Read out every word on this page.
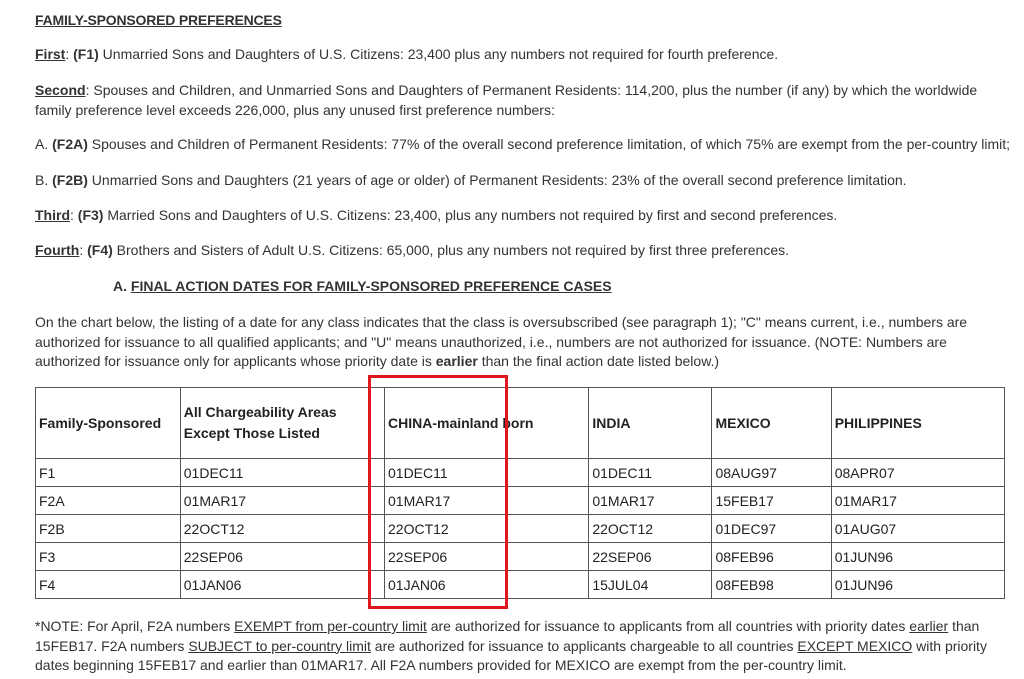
FAMILY-SPONSORED PREFERENCES
First: (F1) Unmarried Sons and Daughters of U.S. Citizens: 23,400 plus any numbers not required for fourth preference.

Second: Spouses and Children, and Unmarried Sons and Daughters of Permanent Residents: 114,200, plus the number (if any) by which the worldwide family preference level exceeds 226,000, plus any unused first preference numbers:

A. (F2A) Spouses and Children of Permanent Residents: 77% of the overall second preference limitation, of which 75% are exempt from the per-country limit;
B. (F2B) Unmarried Sons and Daughters (21 years of age or older) of Permanent Residents: 23% of the overall second preference limitation.
Third: (F3) Married Sons and Daughters of U.S. Citizens: 23,400, plus any numbers not required by first and second preferences.
Fourth: (F4) Brothers and Sisters of Adult U.S. Citizens: 65,000, plus any numbers not required by first three preferences.
A. FINAL ACTION DATES FOR FAMILY-SPONSORED PREFERENCE CASES

On the chart below, the listing of a date for any class indicates that the class is oversubscribed (see paragraph 1); "C" means current, i.e., numbers are authorized for issuance to all qualified applicants; and "U" means unauthorized, i.e., numbers are not authorized for issuance. (NOTE: Numbers are authorized for issuance only for applicants whose priority date is earlier than the final action date listed below.)

Family-Sponsored	All Chargeability Areas Except Those Listed	CHINA-mainland born	INDIA	MEXICO	PHILIPPINES
F1	01DEC11	01DEC11	01DEC11	08AUG97	08APR07
F2A	01MAR17	01MAR17	01MAR17	15FEB17	01MAR17
F2B	22OCT12	22OCT12	22OCT12	01DEC97	01AUG07
F3	22SEP06	22SEP06	22SEP06	08FEB96	01JUN96
F4	01JAN06	01JAN06	15JUL04	08FEB98	01JUN96

*NOTE: For April, F2A numbers EXEMPT from per-country limit are authorized for issuance to applicants from all countries with priority dates earlier than 15FEB17. F2A numbers SUBJECT to per-country limit are authorized for issuance to applicants chargeable to all countries EXCEPT MEXICO with priority dates beginning 15FEB17 and earlier than 01MAR17. All F2A numbers provided for MEXICO are exempt from the per-country limit.
